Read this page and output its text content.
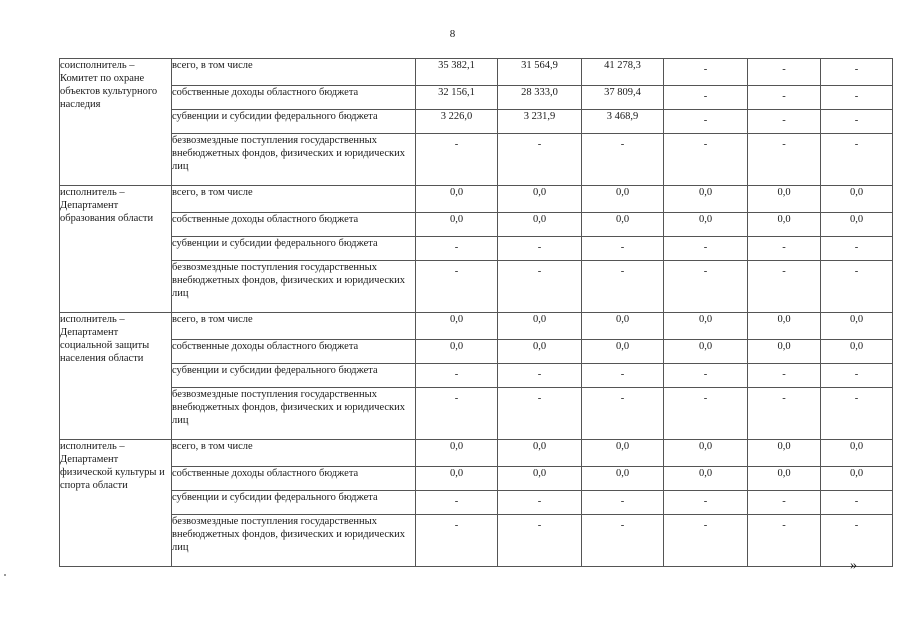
8
соисполнитель – Комитет по охране объектов культурного наследия	всего, в том числе	35 382,1	31 564,9	41 278,3	-	-	-
	собственные доходы областного бюджета	32 156,1	28 333,0	37 809,4	-	-	-
	субвенции и субсидии федерального бюджета	3 226,0	3 231,9	3 468,9	-	-	-
	безвозмездные поступления государственных внебюджетных фондов, физических и юридических лиц	-	-	-	-	-	-
исполнитель – Департамент образования области	всего, в том числе	0,0	0,0	0,0	0,0	0,0	0,0
	собственные доходы областного бюджета	0,0	0,0	0,0	0,0	0,0	0,0
	субвенции и субсидии федерального бюджета	-	-	-	-	-	-
	безвозмездные поступления государственных внебюджетных фондов, физических и юридических лиц	-	-	-	-	-	-
исполнитель – Департамент социальной защиты населения области	всего, в том числе	0,0	0,0	0,0	0,0	0,0	0,0
	собственные доходы областного бюджета	0,0	0,0	0,0	0,0	0,0	0,0
	субвенции и субсидии федерального бюджета	-	-	-	-	-	-
	безвозмездные поступления государственных внебюджетных фондов, физических и юридических лиц	-	-	-	-	-	-
исполнитель – Департамент физической культуры и спорта области	всего, в том числе	0,0	0,0	0,0	0,0	0,0	0,0
	собственные доходы областного бюджета	0,0	0,0	0,0	0,0	0,0	0,0
	субвенции и субсидии федерального бюджета	-	-	-	-	-	-
	безвозмездные поступления государственных внебюджетных фондов, физических и юридических лиц	-	-	-	-	-	-
»
